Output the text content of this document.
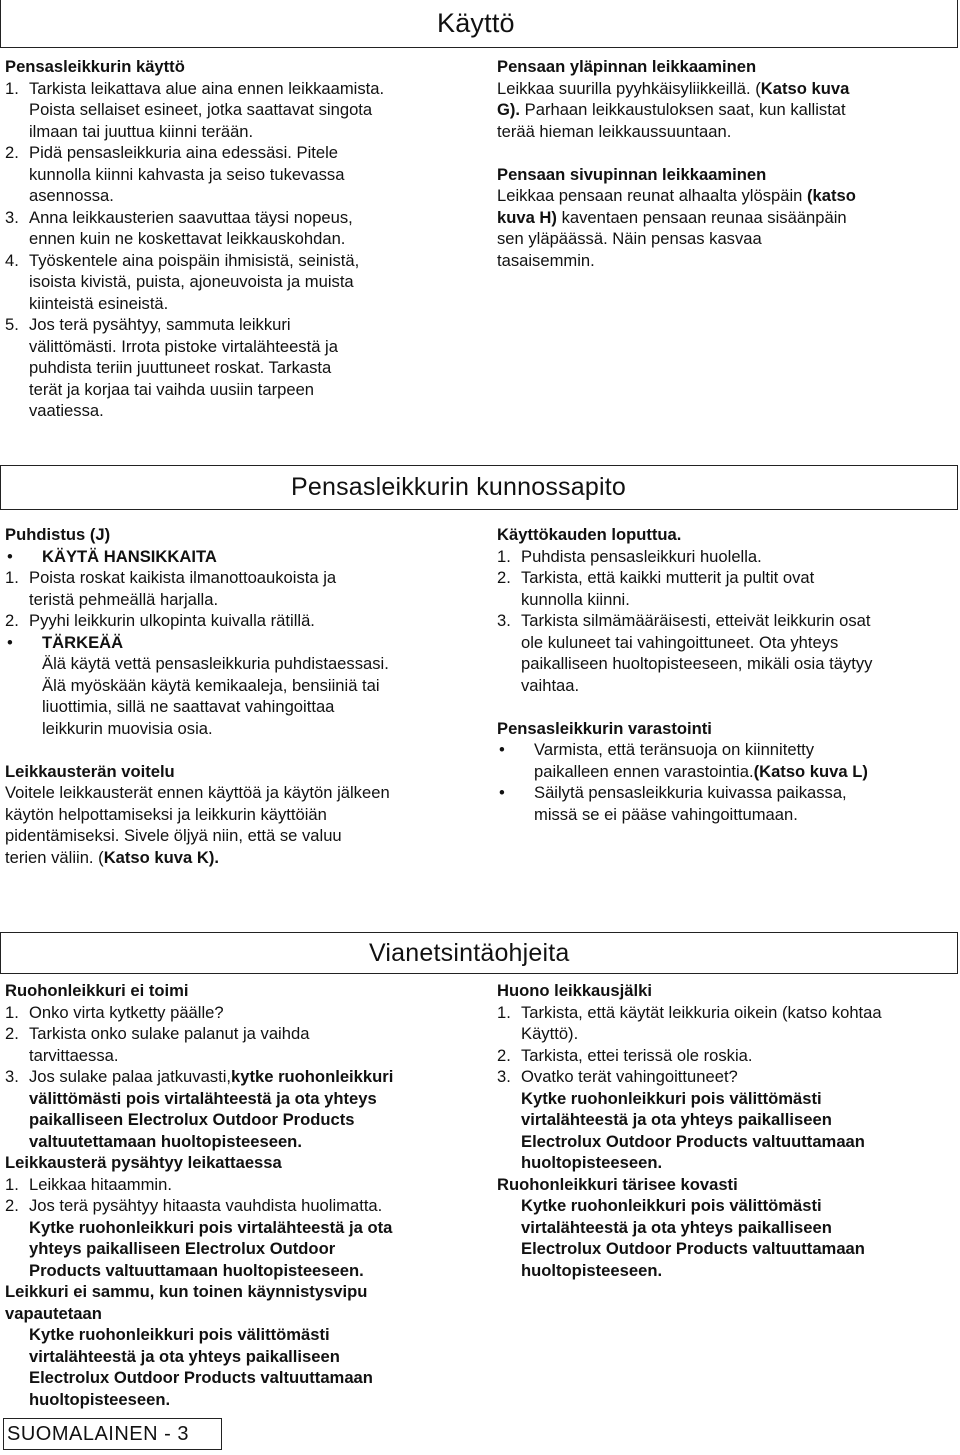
Käyttö

Pensasleikkurin käyttö

1. Tarkista leikattava alue aina ennen leikkaamista.
Poista sellaiset esineet, jotka saattavat singota
ilmaan tai juuttua kiinni terään.
2. Pidä pensasleikkuria aina edessäsi. Pitele
kunnolla kiinni kahvasta ja seiso tukevassa
asennossa.
3. Anna leikkausterien saavuttaa täysi nopeus,
ennen kuin ne koskettavat leikkauskohdan.
4. Työskentele aina poispäin ihmisistä, seinistä,
isoista kivistä, puista, ajoneuvoista ja muista
kiinteistä esineistä.
5. Jos terä pysähtyy, sammuta leikkuri
välittömästi. Irrota pistoke virtalähteestä ja
puhdista teriin juuttuneet roskat. Tarkasta
terät ja korjaa tai vaihda uusiin tarpeen
vaatiessa.

Pensaan yläpinnan leikkaaminen

Leikkaa suurilla pyyhkäisyliikkeillä. (Katso kuva

G). Parhaan leikkaustuloksen saat, kun kallistat

terää hieman leikkaussuuntaan.

Pensaan sivupinnan leikkaaminen

Leikkaa pensaan reunat alhaalta ylöspäin (katso

kuva H) kaventaen pensaan reunaa sisäänpäin

sen yläpäässä. Näin pensas kasvaa

tasaisemmin.

Pensasleikkurin kunnossapito

Puhdistus (J)

•	KÄYTÄ HANSIKKAITA
1. Poista roskat kaikista ilmanottoaukoista ja
teristä pehmeällä harjalla.
2. Pyyhi leikkurin ulkopinta kuivalla rätillä.
•	TÄRKEÄÄ
Älä käytä vettä pensasleikkuria puhdistaessasi.
Älä myöskään käytä kemikaaleja, bensiiniä tai
liuottimia, sillä ne saattavat vahingoittaa
leikkurin muovisia osia.

Leikkausterän voitelu

Voitele leikkausterät ennen käyttöä ja käytön jälkeen
käytön helpottamiseksi ja leikkurin käyttöiän
pidentämiseksi. Sivele öljyä niin, että se valuu

terien väliin. (Katso kuva K).

Käyttökauden loputtua.

1. Puhdista pensasleikkuri huolella.
2. Tarkista, että kaikki mutterit ja pultit ovat
kunnolla kiinni.
3. Tarkista silmämääräisesti, etteivät leikkurin osat
ole kuluneet tai vahingoittuneet. Ota yhteys
paikalliseen huoltopisteeseen, mikäli osia täytyy
vaihtaa.

Pensasleikkurin varastointi

•	Varmista, että teränsuoja on kiinnitetty
paikalleen ennen varastointia.(Katso kuva L)
•	Säilytä pensasleikkuria kuivassa paikassa,
missä se ei pääse vahingoittumaan.
Vianetsintäohjeita

Ruohonleikkuri ei toimi

1. Onko virta kytketty päälle?
2. Tarkista onko sulake palanut ja vaihda
tarvittaessa.
3. Jos sulake palaa jatkuvasti,kytke ruohonleikkuri
välittömästi pois virtalähteestä ja ota yhteys
paikalliseen Electrolux Outdoor Products
valtuutettamaan huoltopisteeseen.

Leikkausterä pysähtyy leikattaessa

1. Leikkaa hitaammin.
2. Jos terä pysähtyy hitaasta vauhdista huolimatta.
Kytke ruohonleikkuri pois virtalähteestä ja ota
yhteys paikalliseen Electrolux Outdoor
Products valtuuttamaan huoltopisteeseen.

Leikkuri ei sammu, kun toinen käynnistysvipu
vapautetaan

Kytke ruohonleikkuri pois välittömästi
virtalähteestä ja ota yhteys paikalliseen
Electrolux Outdoor Products valtuuttamaan
huoltopisteeseen.

Huono leikkausjälki

1. Tarkista, että käytät leikkuria oikein (katso kohtaa
Käyttö).
2. Tarkista, ettei terissä ole roskia.
3. Ovatko terät vahingoittuneet?
Kytke ruohonleikkuri pois välittömästi
virtalähteestä ja ota yhteys paikalliseen
Electrolux Outdoor Products valtuuttamaan
huoltopisteeseen.

Ruohonleikkuri tärisee kovasti

Kytke ruohonleikkuri pois välittömästi
virtalähteestä ja ota yhteys paikalliseen
Electrolux Outdoor Products valtuuttamaan
huoltopisteeseen.
SUOMALAINEN - 3
